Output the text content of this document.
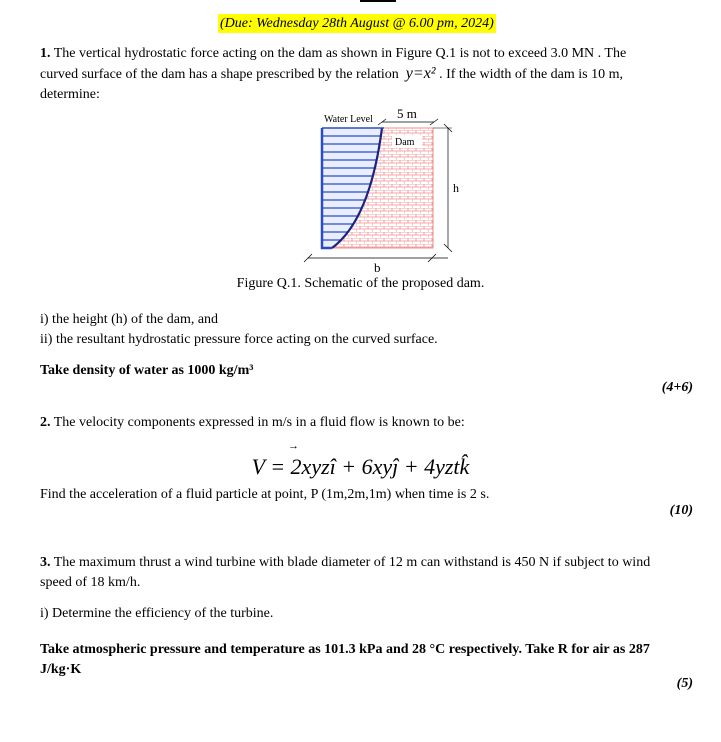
(Due: Wednesday 28th August @ 6.00 pm, 2024)
1. The vertical hydrostatic force acting on the dam as shown in Figure Q.1 is not to exceed 3.0 MN . The
curved surface of the dam has a shape prescribed by the relation y=x² . If the width of the dam is 10 m,
determine:
5 m
Water Level
Dam
h
b
Figure Q.1. Schematic of the proposed dam.
i) the height (h) of the dam, and
ii) the resultant hydrostatic pressure force acting on the curved surface.
Take density of water as 1000 kg/m³
(4+6)
2. The velocity components expressed in m/s in a fluid flow is known to be:
→
V = 2xyzî + 6xyĵ + 4yztk̂
Find the acceleration of a fluid particle at point, P (1m,2m,1m) when time is 2 s.
(10)
3. The maximum thrust a wind turbine with blade diameter of 12 m can withstand is 450 N if subject to wind
speed of 18 km/h.
i) Determine the efficiency of the turbine.
Take atmospheric pressure and temperature as 101.3 kPa and 28 °C respectively. Take R for air as 287
J/kg·K
(5)
